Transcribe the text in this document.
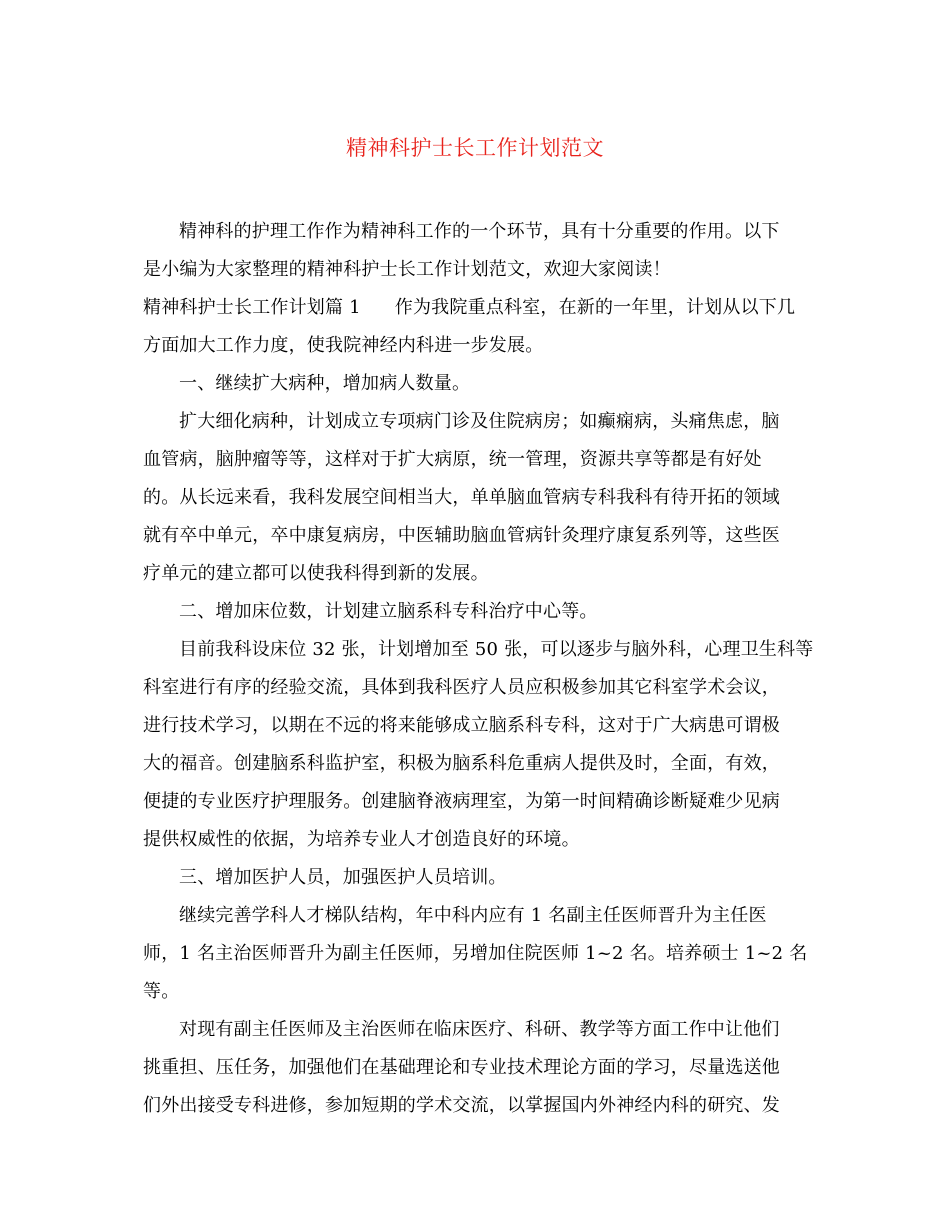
精神科护士长工作计划范文
精神科的护理工作作为精神科工作的一个环节，具有十分重要的作用。以下
是小编为大家整理的精神科护士长工作计划范文，欢迎大家阅读！
精神科护士长工作计划篇 1 作为我院重点科室，在新的一年里，计划从以下几
方面加大工作力度，使我院神经内科进一步发展。
一、继续扩大病种，增加病人数量。
扩大细化病种，计划成立专项病门诊及住院病房；如癫痫病，头痛焦虑，脑
血管病，脑肿瘤等等，这样对于扩大病原，统一管理，资源共享等都是有好处
的。从长远来看，我科发展空间相当大，单单脑血管病专科我科有待开拓的领域
就有卒中单元，卒中康复病房，中医辅助脑血管病针灸理疗康复系列等，这些医
疗单元的建立都可以使我科得到新的发展。
二、增加床位数，计划建立脑系科专科治疗中心等。
目前我科设床位 32 张，计划增加至 50 张，可以逐步与脑外科，心理卫生科等
科室进行有序的经验交流，具体到我科医疗人员应积极参加其它科室学术会议，
进行技术学习，以期在不远的将来能够成立脑系科专科，这对于广大病患可谓极
大的福音。创建脑系科监护室，积极为脑系科危重病人提供及时，全面，有效，
便捷的专业医疗护理服务。创建脑脊液病理室，为第一时间精确诊断疑难少见病
提供权威性的依据，为培养专业人才创造良好的环境。
三、增加医护人员，加强医护人员培训。
继续完善学科人才梯队结构，年中科内应有 1 名副主任医师晋升为主任医
师，1 名主治医师晋升为副主任医师，另增加住院医师 1~2 名。培养硕士 1~2 名
等。
对现有副主任医师及主治医师在临床医疗、科研、教学等方面工作中让他们
挑重担、压任务，加强他们在基础理论和专业技术理论方面的学习，尽量选送他
们外出接受专科进修，参加短期的学术交流，以掌握国内外神经内科的研究、发
